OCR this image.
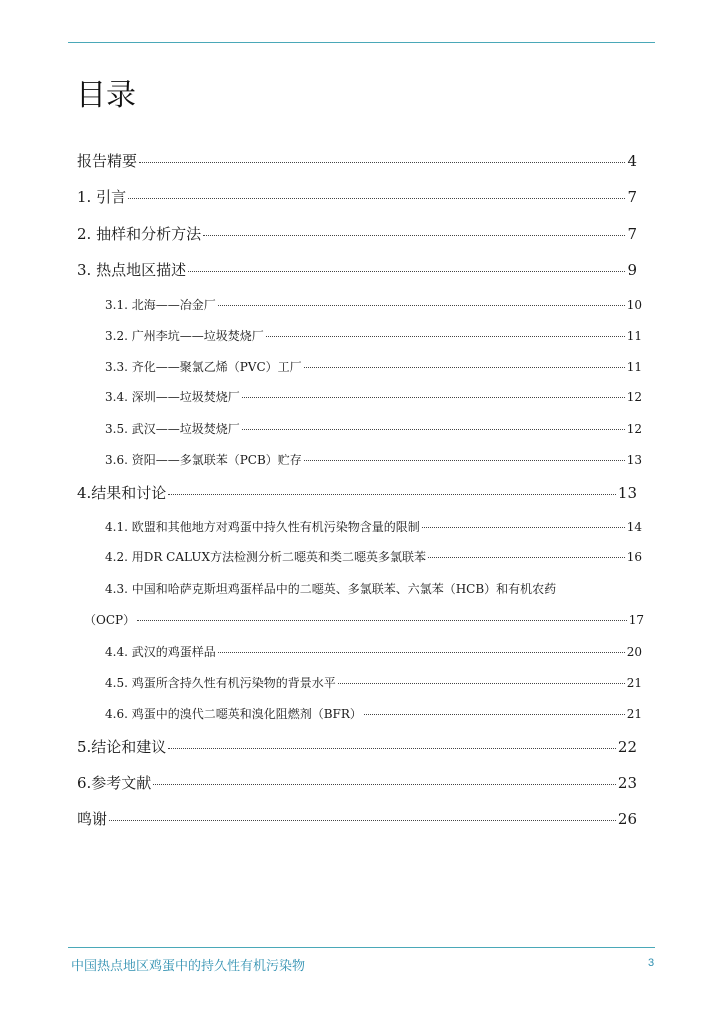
目录
报告精要	4
1. 引言	7
2. 抽样和分析方法	7
3. 热点地区描述	9
3.1. 北海——冶金厂	10
3.2. 广州李坑——垃圾焚烧厂	11
3.3. 齐化——聚氯乙烯（PVC）工厂	11
3.4. 深圳——垃圾焚烧厂	12
3.5. 武汉——垃圾焚烧厂	12
3.6. 资阳——多氯联苯（PCB）贮存	13
4.结果和讨论	13
4.1. 欧盟和其他地方对鸡蛋中持久性有机污染物含量的限制	14
4.2. 用DR CALUX方法检测分析二噁英和类二噁英多氯联苯	16
4.3. 中国和哈萨克斯坦鸡蛋样品中的二噁英、多氯联苯、六氯苯（HCB）和有机农药
（OCP）	17
4.4. 武汉的鸡蛋样品	20
4.5. 鸡蛋所含持久性有机污染物的背景水平	21
4.6. 鸡蛋中的溴代二噁英和溴化阻燃剂（BFR）	21
5.结论和建议	22
6.参考文献	23
鸣谢	26
中国热点地区鸡蛋中的持久性有机污染物	3
